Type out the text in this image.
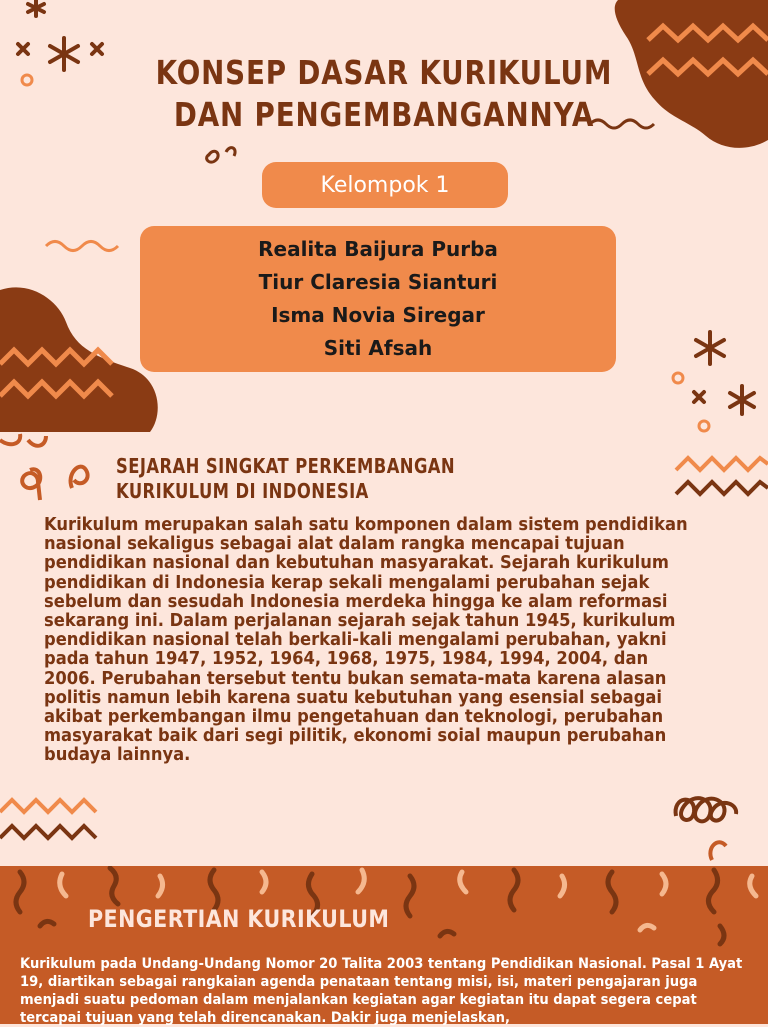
KONSEP DASAR KURIKULUM
DAN PENGEMBANGANNYA
Kelompok 1
Realita Baijura Purba
Tiur Claresia Sianturi
Isma Novia Siregar
Siti Afsah
SEJARAH SINGKAT PERKEMBANGAN KURIKULUM DI INDONESIA
Kurikulum merupakan salah satu komponen dalam sistem pendidikan nasional sekaligus sebagai alat dalam rangka mencapai tujuan pendidikan nasional dan kebutuhan masyarakat. Sejarah kurikulum pendidikan di Indonesia kerap sekali mengalami perubahan sejak sebelum dan sesudah Indonesia merdeka hingga ke alam reformasi sekarang ini. Dalam perjalanan sejarah sejak tahun 1945, kurikulum pendidikan nasional telah berkali-kali mengalami perubahan, yakni pada tahun 1947, 1952, 1964, 1968, 1975, 1984, 1994, 2004, dan 2006. Perubahan tersebut tentu bukan semata-mata karena alasan politis namun lebih karena suatu kebutuhan yang esensial sebagai akibat perkembangan ilmu pengetahuan dan teknologi, perubahan masyarakat baik dari segi pilitik, ekonomi soial maupun perubahan budaya lainnya.
PENGERTIAN KURIKULUM
Kurikulum pada Undang-Undang Nomor 20 Talita 2003 tentang Pendidikan Nasional. Pasal 1 Ayat 19, diartikan sebagai rangkaian agenda penataan tentang misi, isi, materi pengajaran juga menjadi suatu pedoman dalam menjalankan kegiatan agar kegiatan itu dapat segera cepat tercapai tujuan yang telah direncanakan. Dakir juga menjelaskan,
